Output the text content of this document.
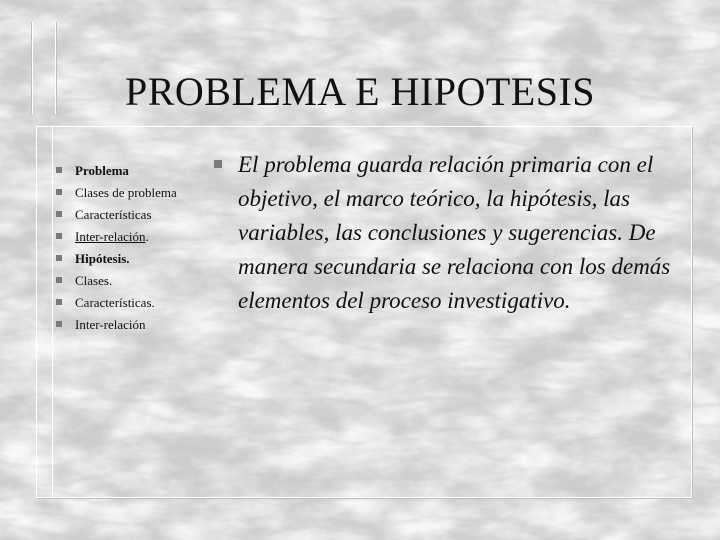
PROBLEMA E HIPOTESIS
Problema
Clases de problema
Características
Inter-relación.
Hipótesis.
Clases.
Características.
Inter-relación

El problema guarda relación primaria con el objetivo, el marco teórico, la hipótesis, las variables, las conclusiones y sugerencias. De manera secundaria se relaciona con los demás elementos del proceso investigativo.
